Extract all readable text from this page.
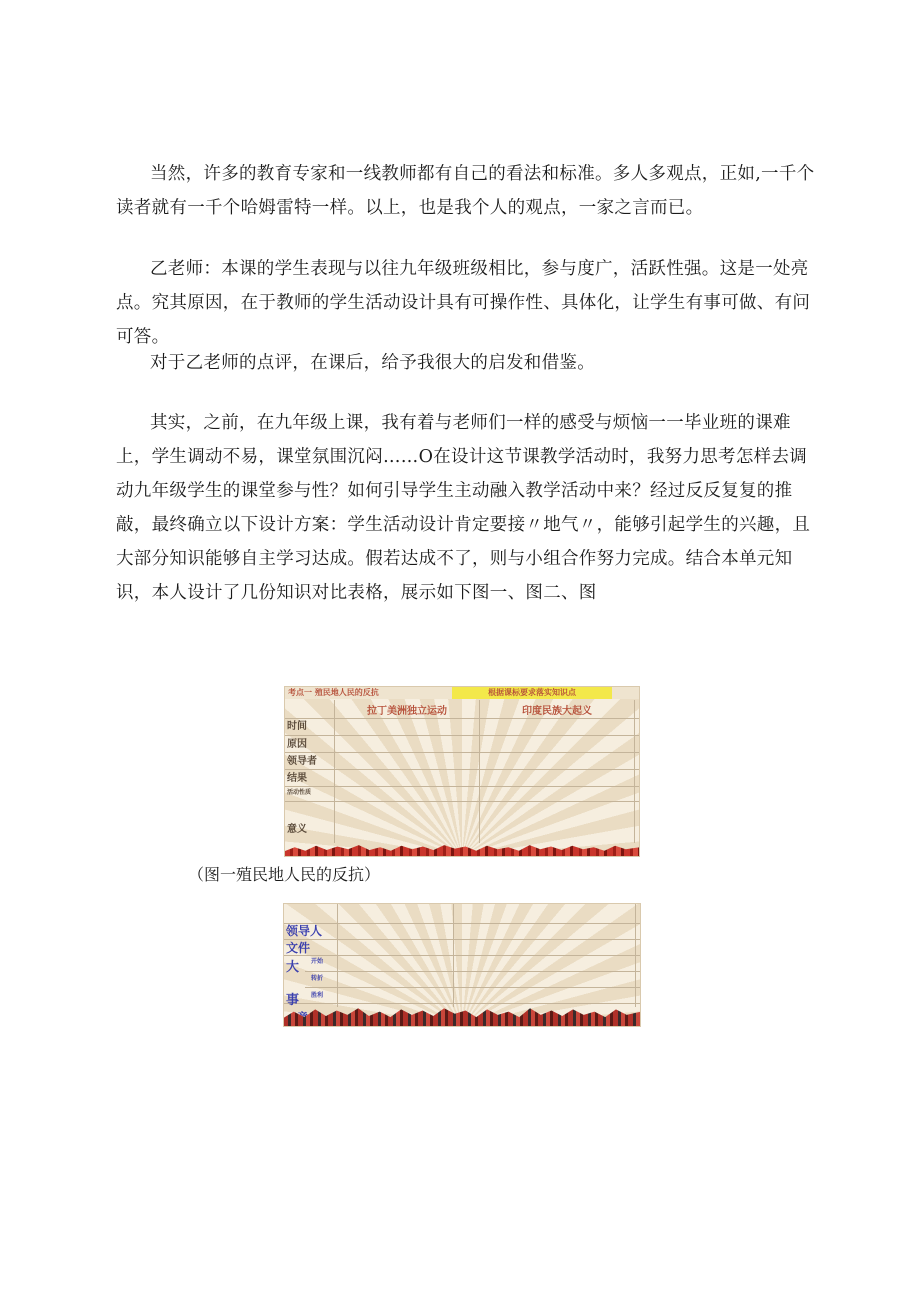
当然，许多的教育专家和一线教师都有自己的看法和标准。多人多观点，正如,一千个读者就有一千个哈姆雷特一样。以上，也是我个人的观点，一家之言而已。

乙老师：本课的学生表现与以往九年级班级相比，参与度广，活跃性强。这是一处亮点。究其原因，在于教师的学生活动设计具有可操作性、具体化，让学生有事可做、有问可答。

对于乙老师的点评，在课后，给予我很大的启发和借鉴。

其实，之前，在九年级上课，我有着与老师们一样的感受与烦恼一一毕业班的课难上，学生调动不易，课堂氛围沉闷……O在设计这节课教学活动时，我努力思考怎样去调动九年级学生的课堂参与性？如何引导学生主动融入教学活动中来？经过反反复复的推敲，最终确立以下设计方案：学生活动设计肯定要接〃地气〃，能够引起学生的兴趣，且大部分知识能够自主学习达成。假若达成不了，则与小组合作努力完成。结合本单元知识，本人设计了几份知识对比表格，展示如下图一、图二、图

考点一 殖民地人民的反抗	根据课标要求落实知识点
拉丁美洲独立运动	印度民族大起义
时间
原因
领导者
结果
活动性质
意义
（图一殖民地人民的反抗）
领导人
文件
大
事
开始
转折
胜利
